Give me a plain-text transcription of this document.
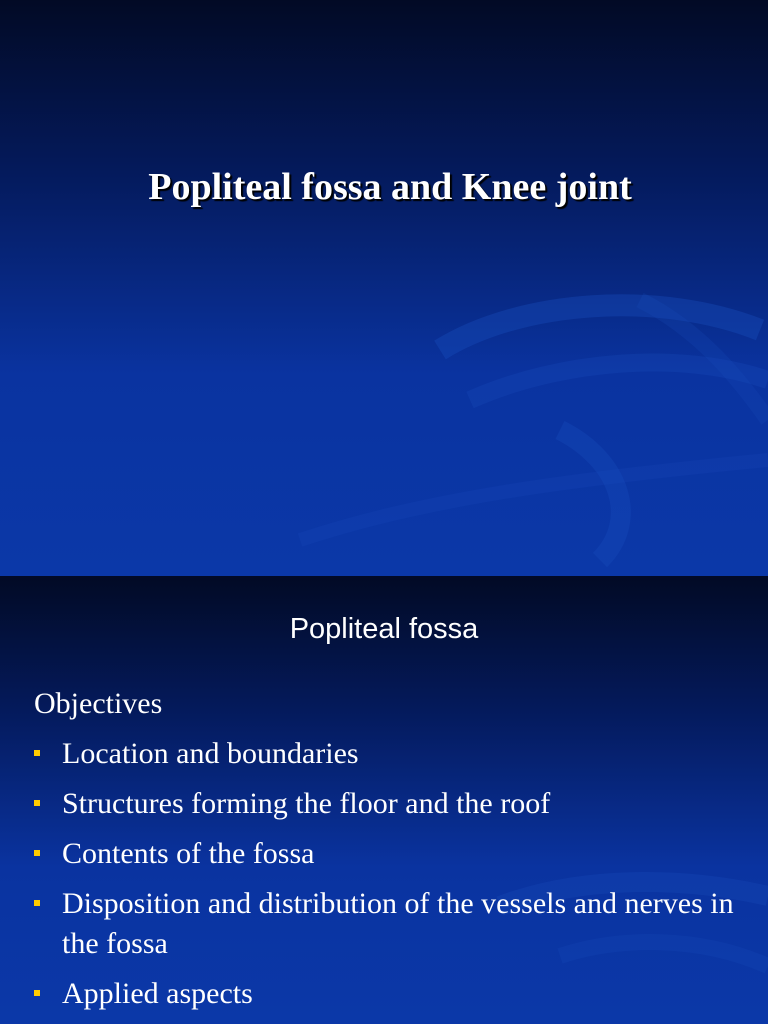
Popliteal fossa and Knee joint
Popliteal fossa

Objectives

Location and boundaries
Structures forming the floor and the roof
Contents of the fossa
Disposition and distribution of the vessels and nerves in the fossa
Applied aspects
